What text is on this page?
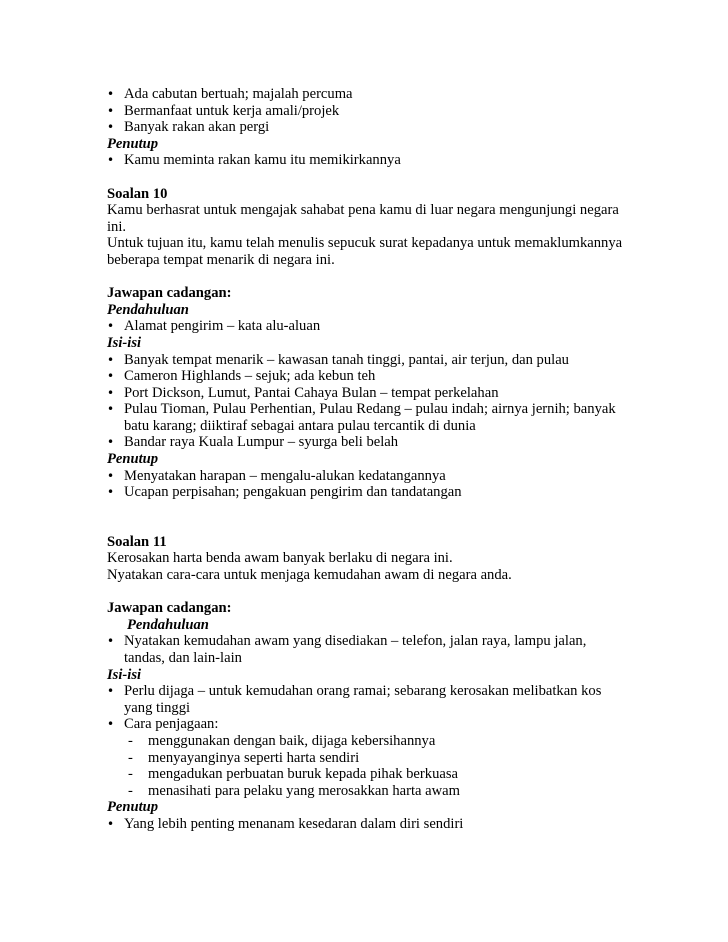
•
Ada cabutan bertuah; majalah percuma
•
Bermanfaat untuk kerja amali/projek
•
Banyak rakan akan pergi
Penutup
•
Kamu meminta rakan kamu itu memikirkannya
Soalan 10
Kamu berhasrat untuk mengajak sahabat pena kamu di luar negara mengunjungi negara
ini.
Untuk tujuan itu, kamu telah menulis sepucuk surat kepadanya untuk memaklumkannya
beberapa tempat menarik di negara ini.
Jawapan cadangan:
Pendahuluan
•
Alamat pengirim – kata alu-aluan
Isi-isi
•
Banyak tempat menarik – kawasan tanah tinggi, pantai, air terjun, dan pulau
•
Cameron Highlands – sejuk; ada kebun teh
•
Port Dickson, Lumut, Pantai Cahaya Bulan – tempat perkelahan
•
Pulau Tioman, Pulau Perhentian, Pulau Redang – pulau indah; airnya jernih; banyak batu karang; diiktiraf sebagai antara pulau tercantik di dunia
•
Bandar raya Kuala Lumpur – syurga beli belah
Penutup
•
Menyatakan harapan – mengalu-alukan kedatangannya
•
Ucapan perpisahan; pengakuan pengirim dan tandatangan
Soalan 11
Kerosakan harta benda awam banyak berlaku di negara ini.
Nyatakan cara-cara untuk menjaga kemudahan awam di negara anda.
Jawapan cadangan:
Pendahuluan
•
Nyatakan kemudahan awam yang disediakan – telefon, jalan raya, lampu jalan, tandas, dan lain-lain
Isi-isi
•
Perlu dijaga – untuk kemudahan orang ramai; sebarang kerosakan melibatkan kos yang tinggi
•
Cara penjagaan:
-	menggunakan dengan baik, dijaga kebersihannya
-	menyayanginya seperti harta sendiri
-	mengadukan perbuatan buruk kepada pihak berkuasa
-	menasihati para pelaku yang merosakkan harta awam
Penutup
•
Yang lebih penting menanam kesedaran dalam diri sendiri
